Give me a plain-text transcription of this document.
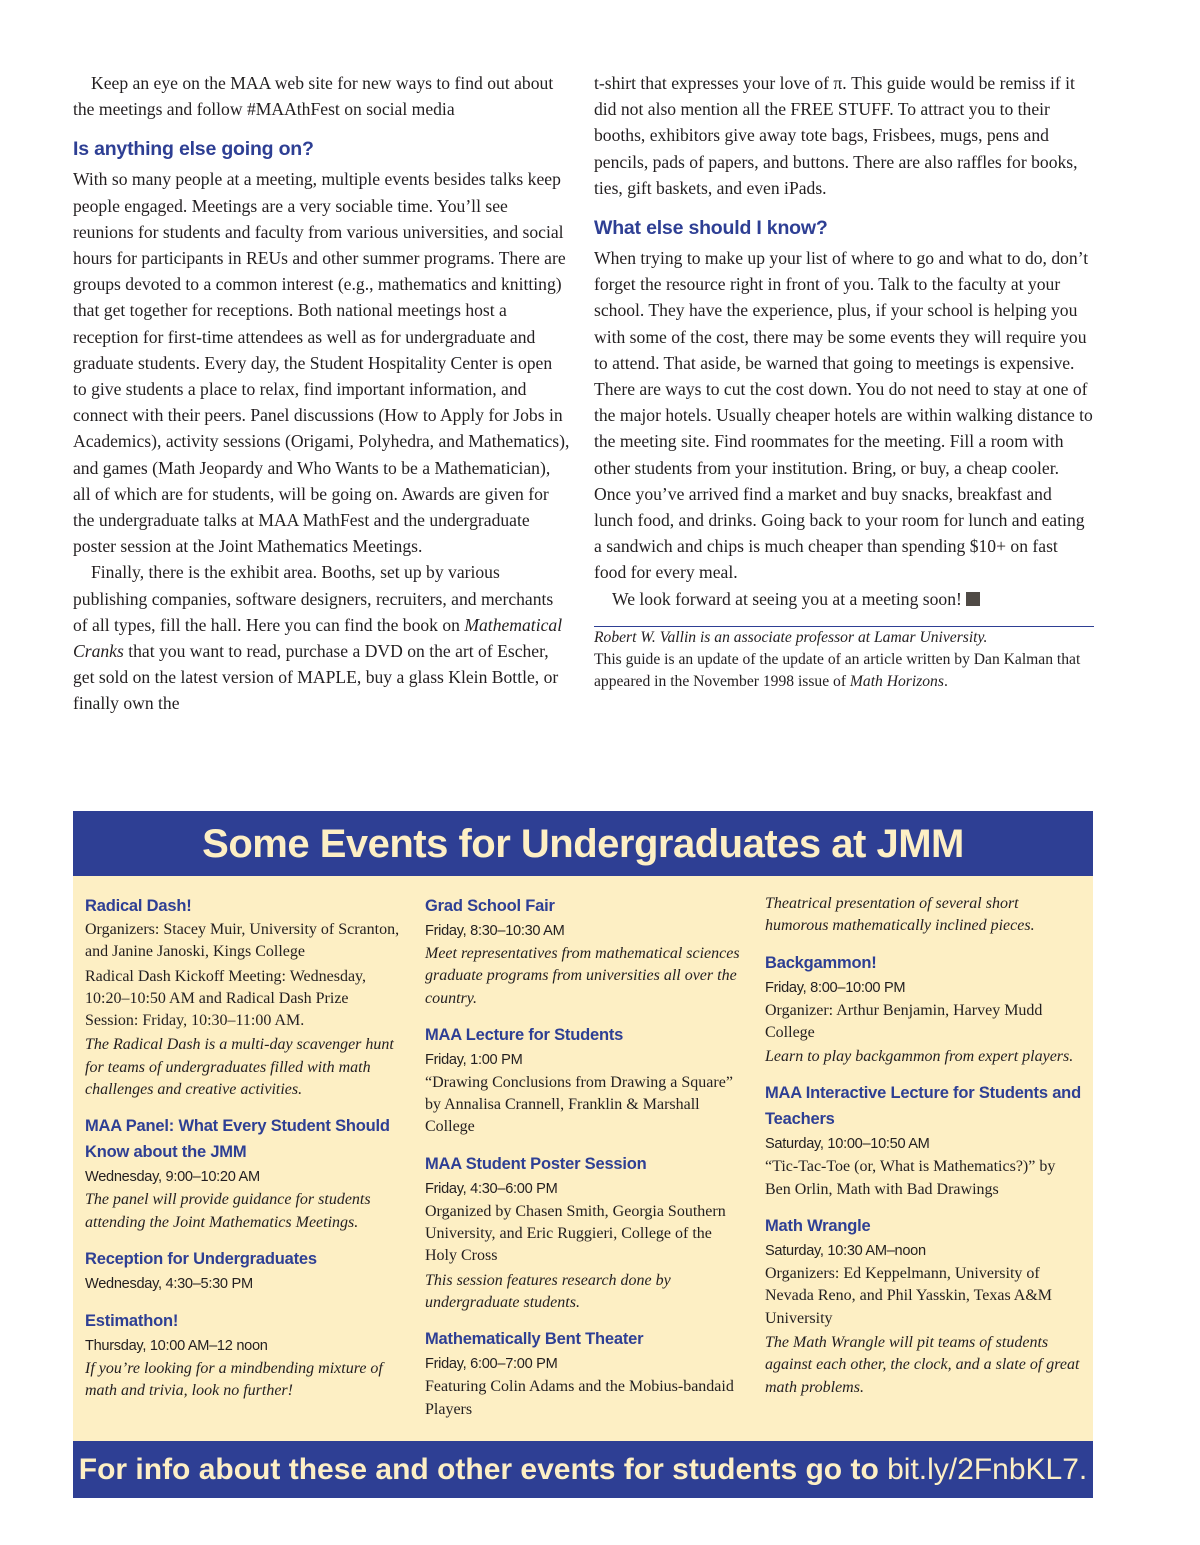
Keep an eye on the MAA web site for new ways to find out about the meetings and follow #MAAthFest on social media

Is anything else going on?

With so many people at a meeting, multiple events besides talks keep people engaged. Meetings are a very sociable time. You’ll see reunions for students and faculty from various universities, and social hours for participants in REUs and other summer programs. There are groups devoted to a common interest (e.g., mathematics and knitting) that get together for receptions. Both national meetings host a reception for first-time attendees as well as for undergraduate and graduate students. Every day, the Student Hospitality Center is open to give students a place to relax, find important information, and connect with their peers. Panel discussions (How to Apply for Jobs in Academics), activity sessions (Origami, Polyhedra, and Mathematics), and games (Math Jeopardy and Who Wants to be a Mathematician), all of which are for students, will be going on. Awards are given for the undergraduate talks at MAA MathFest and the undergraduate poster session at the Joint Mathematics Meetings.

Finally, there is the exhibit area. Booths, set up by various publishing companies, software designers, recruiters, and merchants of all types, fill the hall. Here you can find the book on Mathematical Cranks that you want to read, purchase a DVD on the art of Escher, get sold on the latest version of MAPLE, buy a glass Klein Bottle, or finally own the

t-shirt that expresses your love of π. This guide would be remiss if it did not also mention all the FREE STUFF. To attract you to their booths, exhibitors give away tote bags, Frisbees, mugs, pens and pencils, pads of papers, and buttons. There are also raffles for books, ties, gift baskets, and even iPads.

What else should I know?

When trying to make up your list of where to go and what to do, don’t forget the resource right in front of you. Talk to the faculty at your school. They have the experience, plus, if your school is helping you with some of the cost, there may be some events they will require you to attend. That aside, be warned that going to meetings is expensive. There are ways to cut the cost down. You do not need to stay at one of the major hotels. Usually cheaper hotels are within walking distance to the meeting site. Find roommates for the meeting. Fill a room with other students from your institution. Bring, or buy, a cheap cooler. Once you’ve arrived find a market and buy snacks, breakfast and lunch food, and drinks. Going back to your room for lunch and eating a sandwich and chips is much cheaper than spending $10+ on fast food for every meal.

We look forward at seeing you at a meeting soon!

Robert W. Vallin is an associate professor at Lamar University.

This guide is an update of the update of an article written by Dan Kalman that appeared in the November 1998 issue of Math Horizons.

Some Events for Undergraduates at JMM
Radical Dash!
Organizers: Stacey Muir, University of Scranton, and Janine Janoski, Kings College
Radical Dash Kickoff Meeting: Wednesday, 10:20–10:50 AM and Radical Dash Prize Session: Friday, 10:30–11:00 AM.
The Radical Dash is a multi-day scavenger hunt for teams of undergraduates filled with math challenges and creative activities.
MAA Panel: What Every Student Should Know about the JMM
Wednesday, 9:00–10:20 AM
The panel will provide guidance for students attending the Joint Mathematics Meetings.
Reception for Undergraduates
Wednesday, 4:30–5:30 PM
Estimathon!
Thursday, 10:00 AM–12 noon
If you’re looking for a mindbending mixture of math and trivia, look no further!
Grad School Fair
Friday, 8:30–10:30 AM
Meet representatives from mathematical sciences graduate programs from universities all over the country.
MAA Lecture for Students
Friday, 1:00 PM
“Drawing Conclusions from Drawing a Square” by Annalisa Crannell, Franklin & Marshall College
MAA Student Poster Session
Friday, 4:30–6:00 PM
Organized by Chasen Smith, Georgia Southern University, and Eric Ruggieri, College of the Holy Cross
This session features research done by undergraduate students.
Mathematically Bent Theater
Friday, 6:00–7:00 PM
Featuring Colin Adams and the Mobius-bandaid Players
Theatrical presentation of several short humorous mathematically inclined pieces.
Backgammon!
Friday, 8:00–10:00 PM
Organizer: Arthur Benjamin, Harvey Mudd College
Learn to play backgammon from expert players.
MAA Interactive Lecture for Students and Teachers
Saturday, 10:00–10:50 AM
“Tic-Tac-Toe (or, What is Mathematics?)” by Ben Orlin, Math with Bad Drawings
Math Wrangle
Saturday, 10:30 AM–noon
Organizers: Ed Keppelmann, University of Nevada Reno, and Phil Yasskin, Texas A&M University
The Math Wrangle will pit teams of students against each other, the clock, and a slate of great math problems.
For info about these and other events for students go to bit.ly/2FnbKL7.
